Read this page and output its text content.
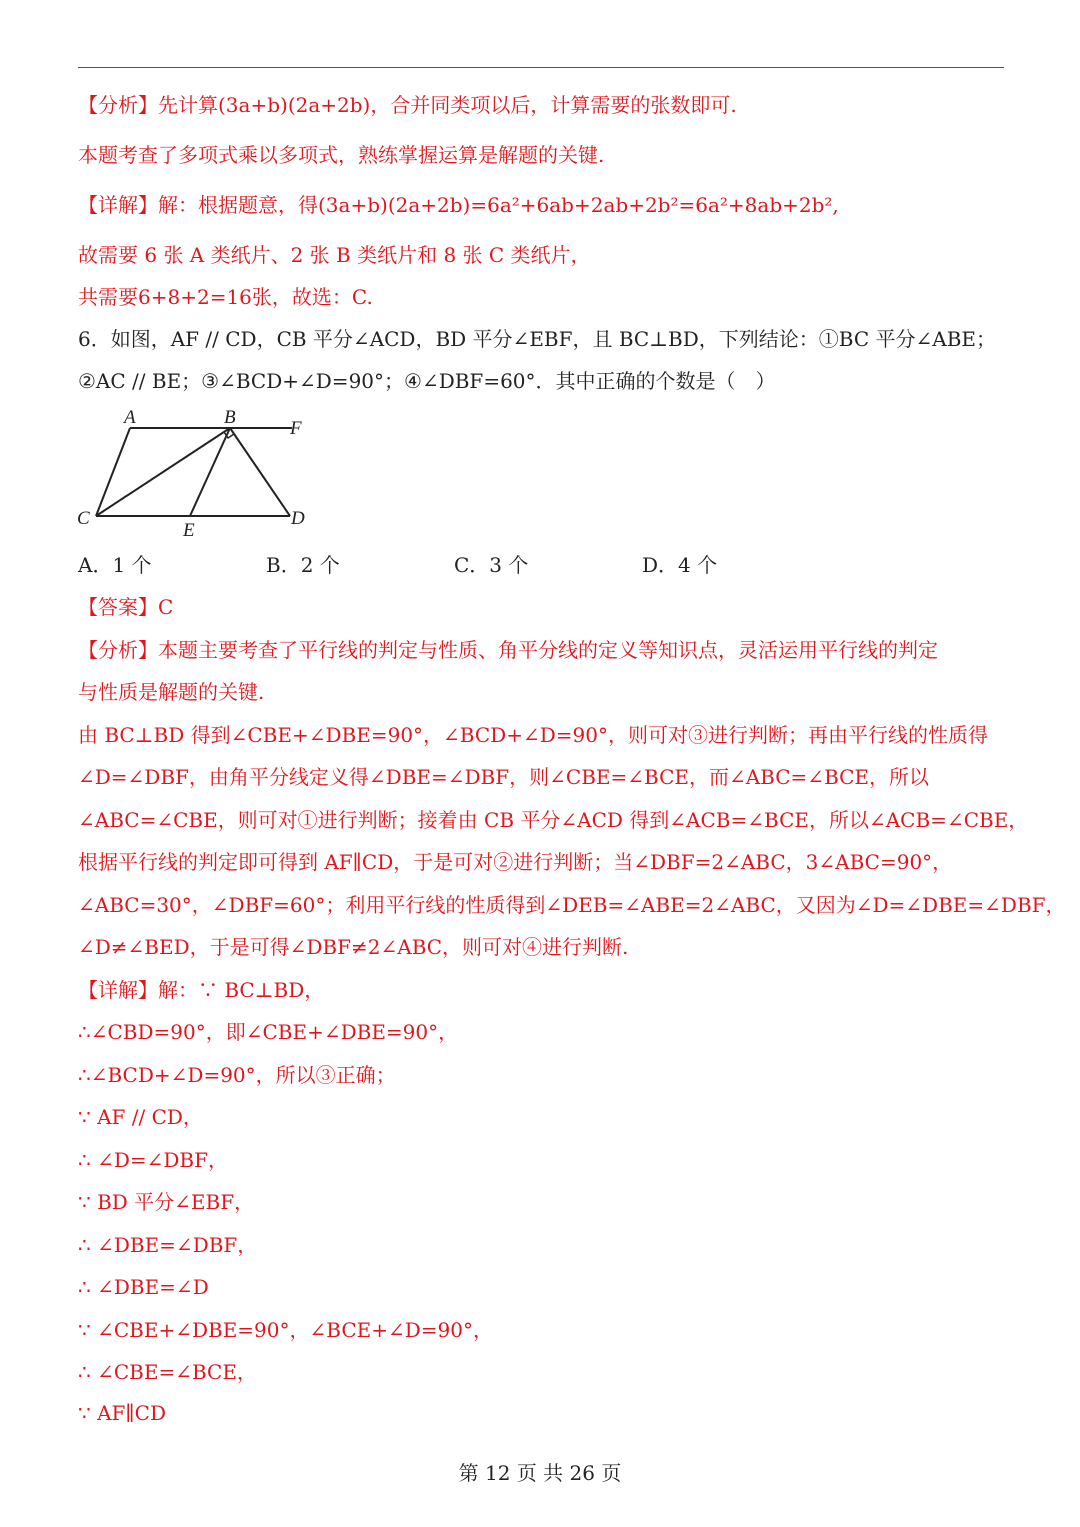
【分析】先计算(3a+b)(2a+2b)，合并同类项以后，计算需要的张数即可.
本题考查了多项式乘以多项式，熟练掌握运算是解题的关键.
【详解】解：根据题意，得(3a+b)(2a+2b)=6a²+6ab+2ab+2b²=6a²+8ab+2b²,
故需要 6 张 A 类纸片、2 张 B 类纸片和 8 张 C 类纸片，
共需要6+8+2=16张，故选：C.
6．如图，AF // CD，CB 平分∠ACD，BD 平分∠EBF，且 BC⊥BD，下列结论：①BC 平分∠ABE；
②AC // BE；③∠BCD+∠D=90°；④∠DBF=60°．其中正确的个数是（　）
A	B
F
C
E
D
A．1 个	B．2 个	C．3 个	D．4 个
【答案】C
【分析】本题主要考查了平行线的判定与性质、角平分线的定义等知识点，灵活运用平行线的判定
与性质是解题的关键.
由 BC⊥BD 得到∠CBE+∠DBE=90°，∠BCD+∠D=90°，则可对③进行判断；再由平行线的性质得
∠D=∠DBF，由角平分线定义得∠DBE=∠DBF，则∠CBE=∠BCE，而∠ABC=∠BCE，所以
∠ABC=∠CBE，则可对①进行判断；接着由 CB 平分∠ACD 得到∠ACB=∠BCE，所以∠ACB=∠CBE，
根据平行线的判定即可得到 AF∥CD，于是可对②进行判断；当∠DBF=2∠ABC，3∠ABC=90°，
∠ABC=30°，∠DBF=60°；利用平行线的性质得到∠DEB=∠ABE=2∠ABC，又因为∠D=∠DBE=∠DBF，
∠D≠∠BED，于是可得∠DBF≠2∠ABC，则可对④进行判断.
【详解】解：∵ BC⊥BD，
∴∠CBD=90°，即∠CBE+∠DBE=90°，
∴∠BCD+∠D=90°，所以③正确；
∵ AF // CD，
∴ ∠D=∠DBF，
∵ BD 平分∠EBF，
∴ ∠DBE=∠DBF，
∴ ∠DBE=∠D
∵ ∠CBE+∠DBE=90°，∠BCE+∠D=90°，
∴ ∠CBE=∠BCE，
∵ AF∥CD
第 12 页 共 26 页
